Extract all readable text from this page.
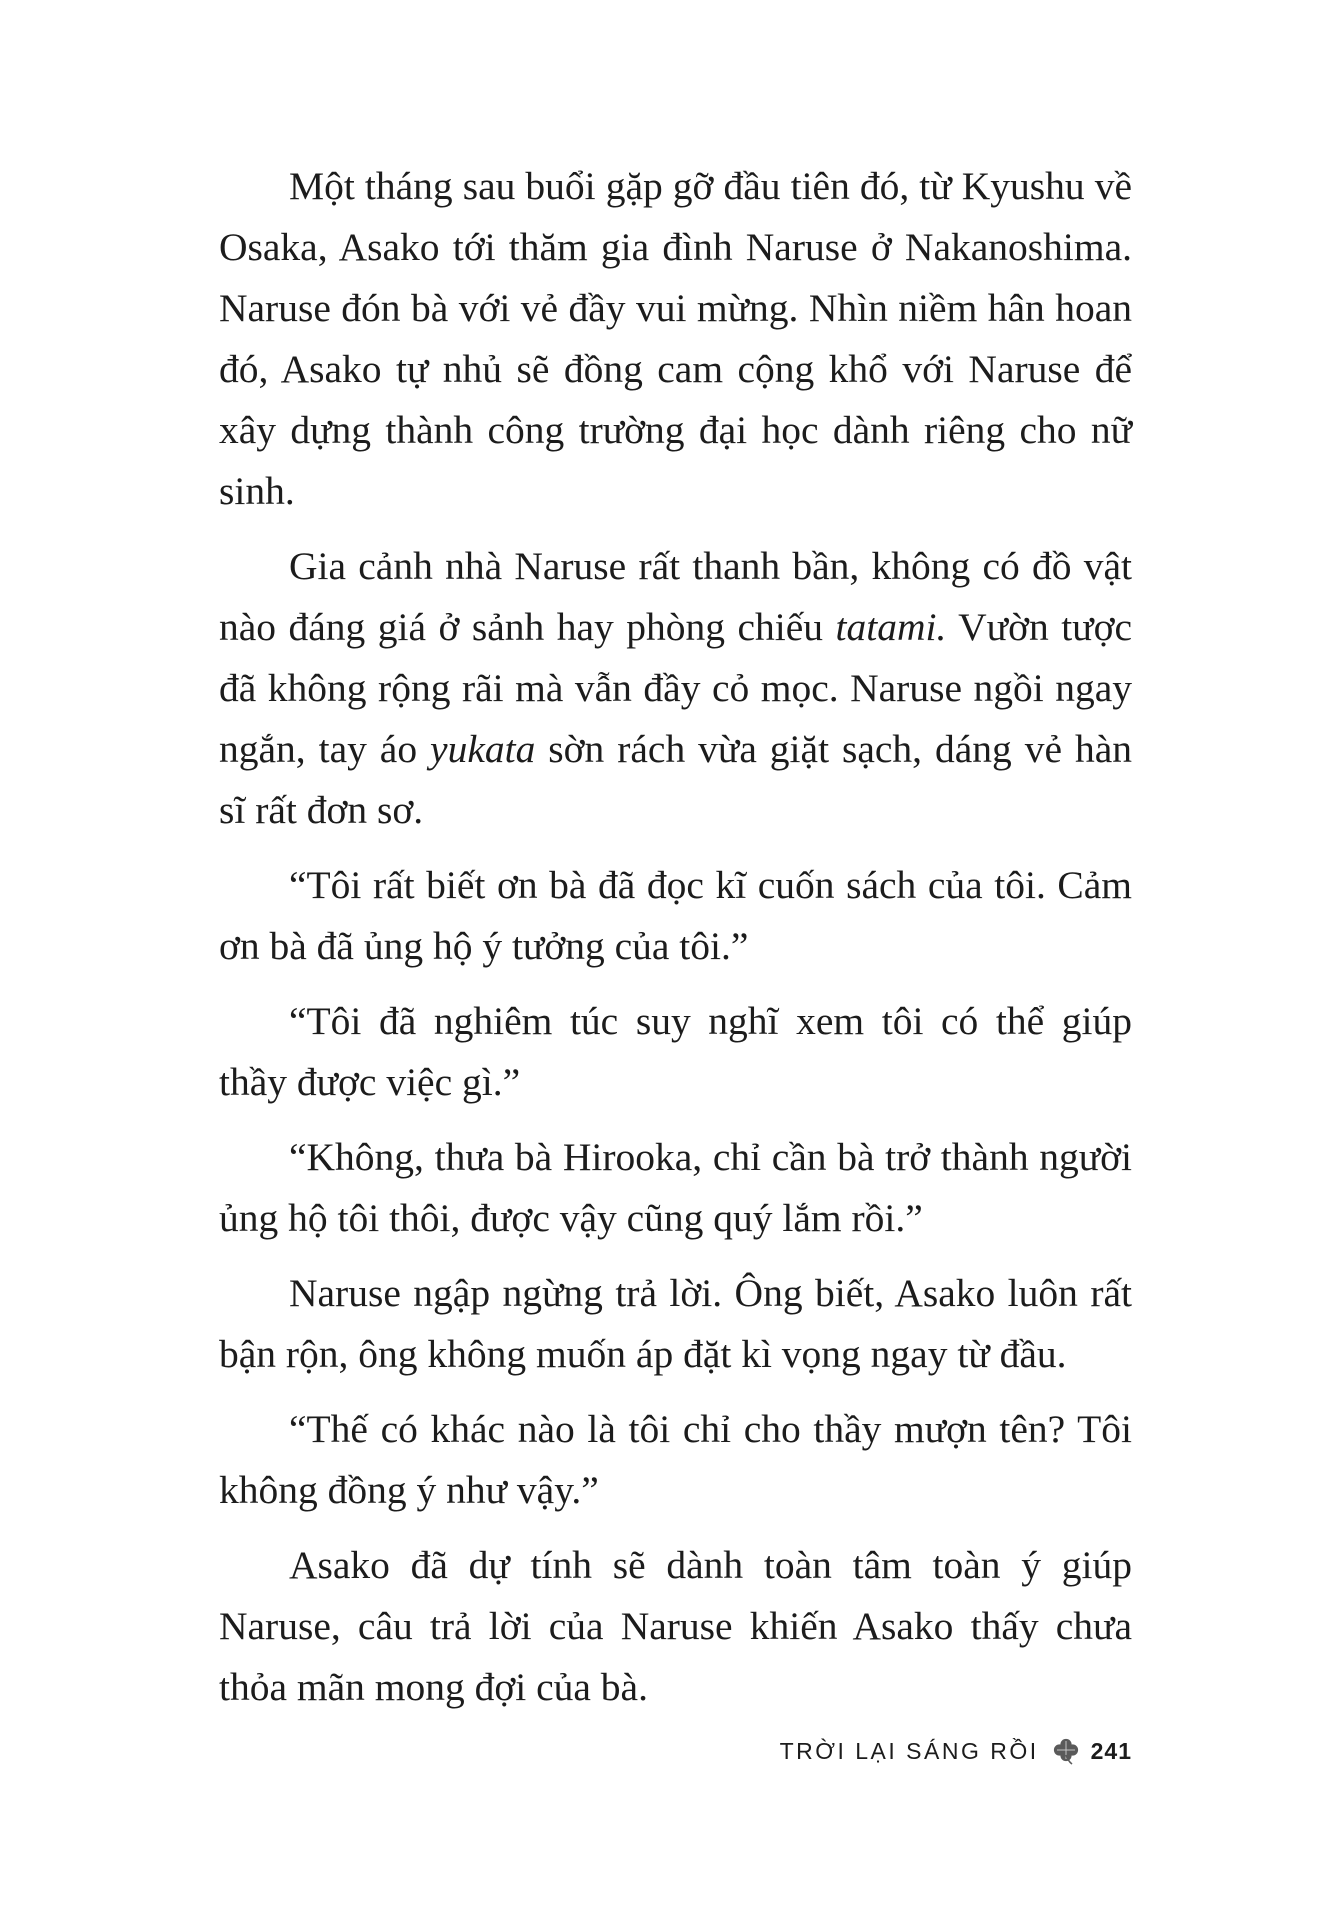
Một tháng sau buổi gặp gỡ đầu tiên đó, từ Kyushu về Osaka, Asako tới thăm gia đình Naruse ở Nakanoshima. Naruse đón bà với vẻ đầy vui mừng. Nhìn niềm hân hoan đó, Asako tự nhủ sẽ đồng cam cộng khổ với Naruse để xây dựng thành công trường đại học dành riêng cho nữ sinh.

Gia cảnh nhà Naruse rất thanh bần, không có đồ vật nào đáng giá ở sảnh hay phòng chiếu tatami. Vườn tược đã không rộng rãi mà vẫn đầy cỏ mọc. Naruse ngồi ngay ngắn, tay áo yukata sờn rách vừa giặt sạch, dáng vẻ hàn sĩ rất đơn sơ.

“Tôi rất biết ơn bà đã đọc kĩ cuốn sách của tôi. Cảm ơn bà đã ủng hộ ý tưởng của tôi.”

“Tôi đã nghiêm túc suy nghĩ xem tôi có thể giúp thầy được việc gì.”

“Không, thưa bà Hirooka, chỉ cần bà trở thành người ủng hộ tôi thôi, được vậy cũng quý lắm rồi.”

Naruse ngập ngừng trả lời. Ông biết, Asako luôn rất bận rộn, ông không muốn áp đặt kì vọng ngay từ đầu.

“Thế có khác nào là tôi chỉ cho thầy mượn tên? Tôi không đồng ý như vậy.”

Asako đã dự tính sẽ dành toàn tâm toàn ý giúp Naruse, câu trả lời của Naruse khiến Asako thấy chưa thỏa mãn mong đợi của bà.

TRỜI LẠI SÁNG RỒI 241
